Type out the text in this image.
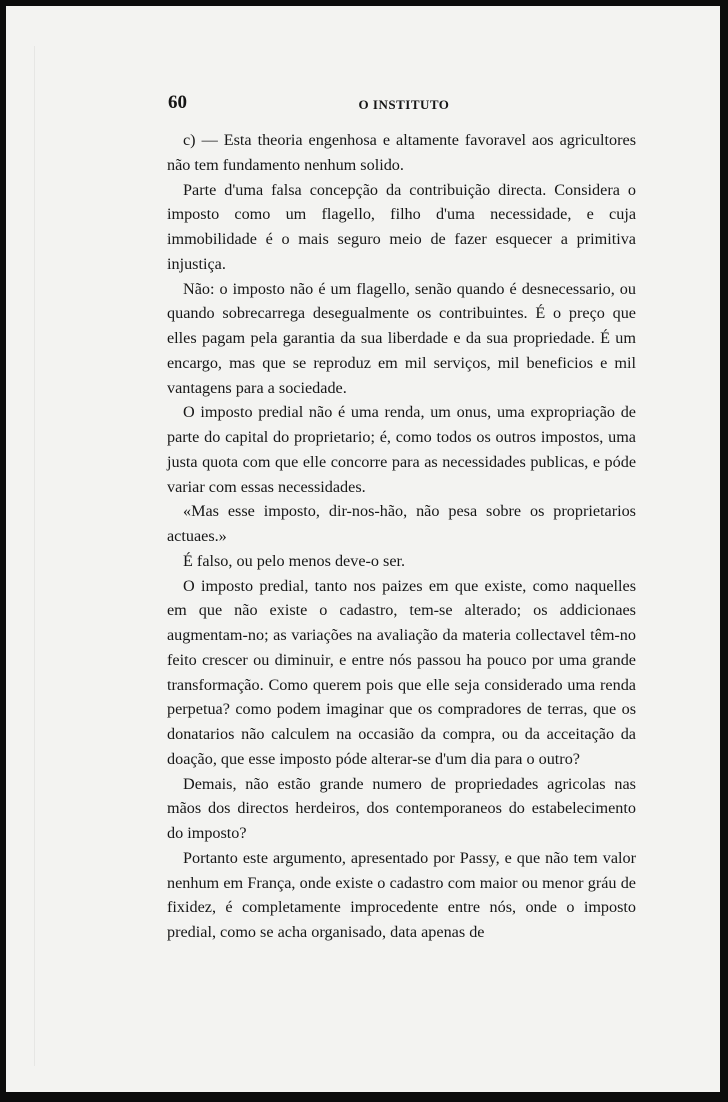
60	O INSTITUTO

c) — Esta theoria engenhosa e altamente favoravel aos agricultores não tem fundamento nenhum solido.

Parte d'uma falsa concepção da contribuição directa. Considera o imposto como um flagello, filho d'uma necessidade, e cuja immobilidade é o mais seguro meio de fazer esquecer a primitiva injustiça.

Não: o imposto não é um flagello, senão quando é desnecessario, ou quando sobrecarrega desegualmente os contribuintes. É o preço que elles pagam pela garantia da sua liberdade e da sua propriedade. É um encargo, mas que se reproduz em mil serviços, mil beneficios e mil vantagens para a sociedade.

O imposto predial não é uma renda, um onus, uma expropriação de parte do capital do proprietario; é, como todos os outros impostos, uma justa quota com que elle concorre para as necessidades publicas, e póde variar com essas necessidades.

«Mas esse imposto, dir-nos-hão, não pesa sobre os proprietarios actuaes.»

É falso, ou pelo menos deve-o ser.

O imposto predial, tanto nos paizes em que existe, como naquelles em que não existe o cadastro, tem-se alterado; os addicionaes augmentam-no; as variações na avaliação da materia collectavel têm-no feito crescer ou diminuir, e entre nós passou ha pouco por uma grande transformação. Como querem pois que elle seja considerado uma renda perpetua? como podem imaginar que os compradores de terras, que os donatarios não calculem na occasião da compra, ou da acceitação da doação, que esse imposto póde alterar-se d'um dia para o outro?

Demais, não estão grande numero de propriedades agricolas nas mãos dos directos herdeiros, dos contemporaneos do estabelecimento do imposto?

Portanto este argumento, apresentado por Passy, e que não tem valor nenhum em França, onde existe o cadastro com maior ou menor gráu de fixidez, é completamente improcedente entre nós, onde o imposto predial, como se acha organisado, data apenas de
